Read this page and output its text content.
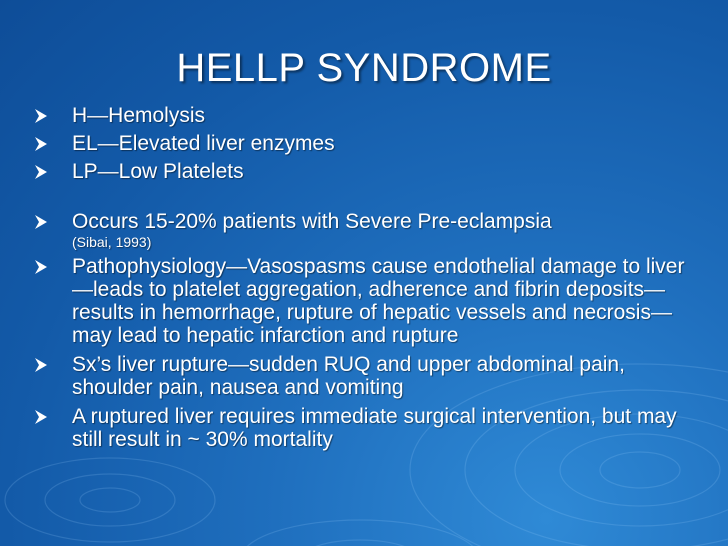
HELLP SYNDROME
H—Hemolysis
EL—Elevated liver enzymes
LP—Low Platelets
Occurs 15-20% patients with Severe Pre-eclampsia
(Sibai, 1993)
Pathophysiology—Vasospasms cause endothelial damage to liver—leads to platelet aggregation, adherence and fibrin deposits—results in hemorrhage, rupture of hepatic vessels and necrosis—may lead to hepatic infarction and rupture
Sx’s liver rupture—sudden RUQ and upper abdominal pain, shoulder pain, nausea and vomiting
A ruptured liver requires immediate surgical intervention, but may still result in ~ 30% mortality
